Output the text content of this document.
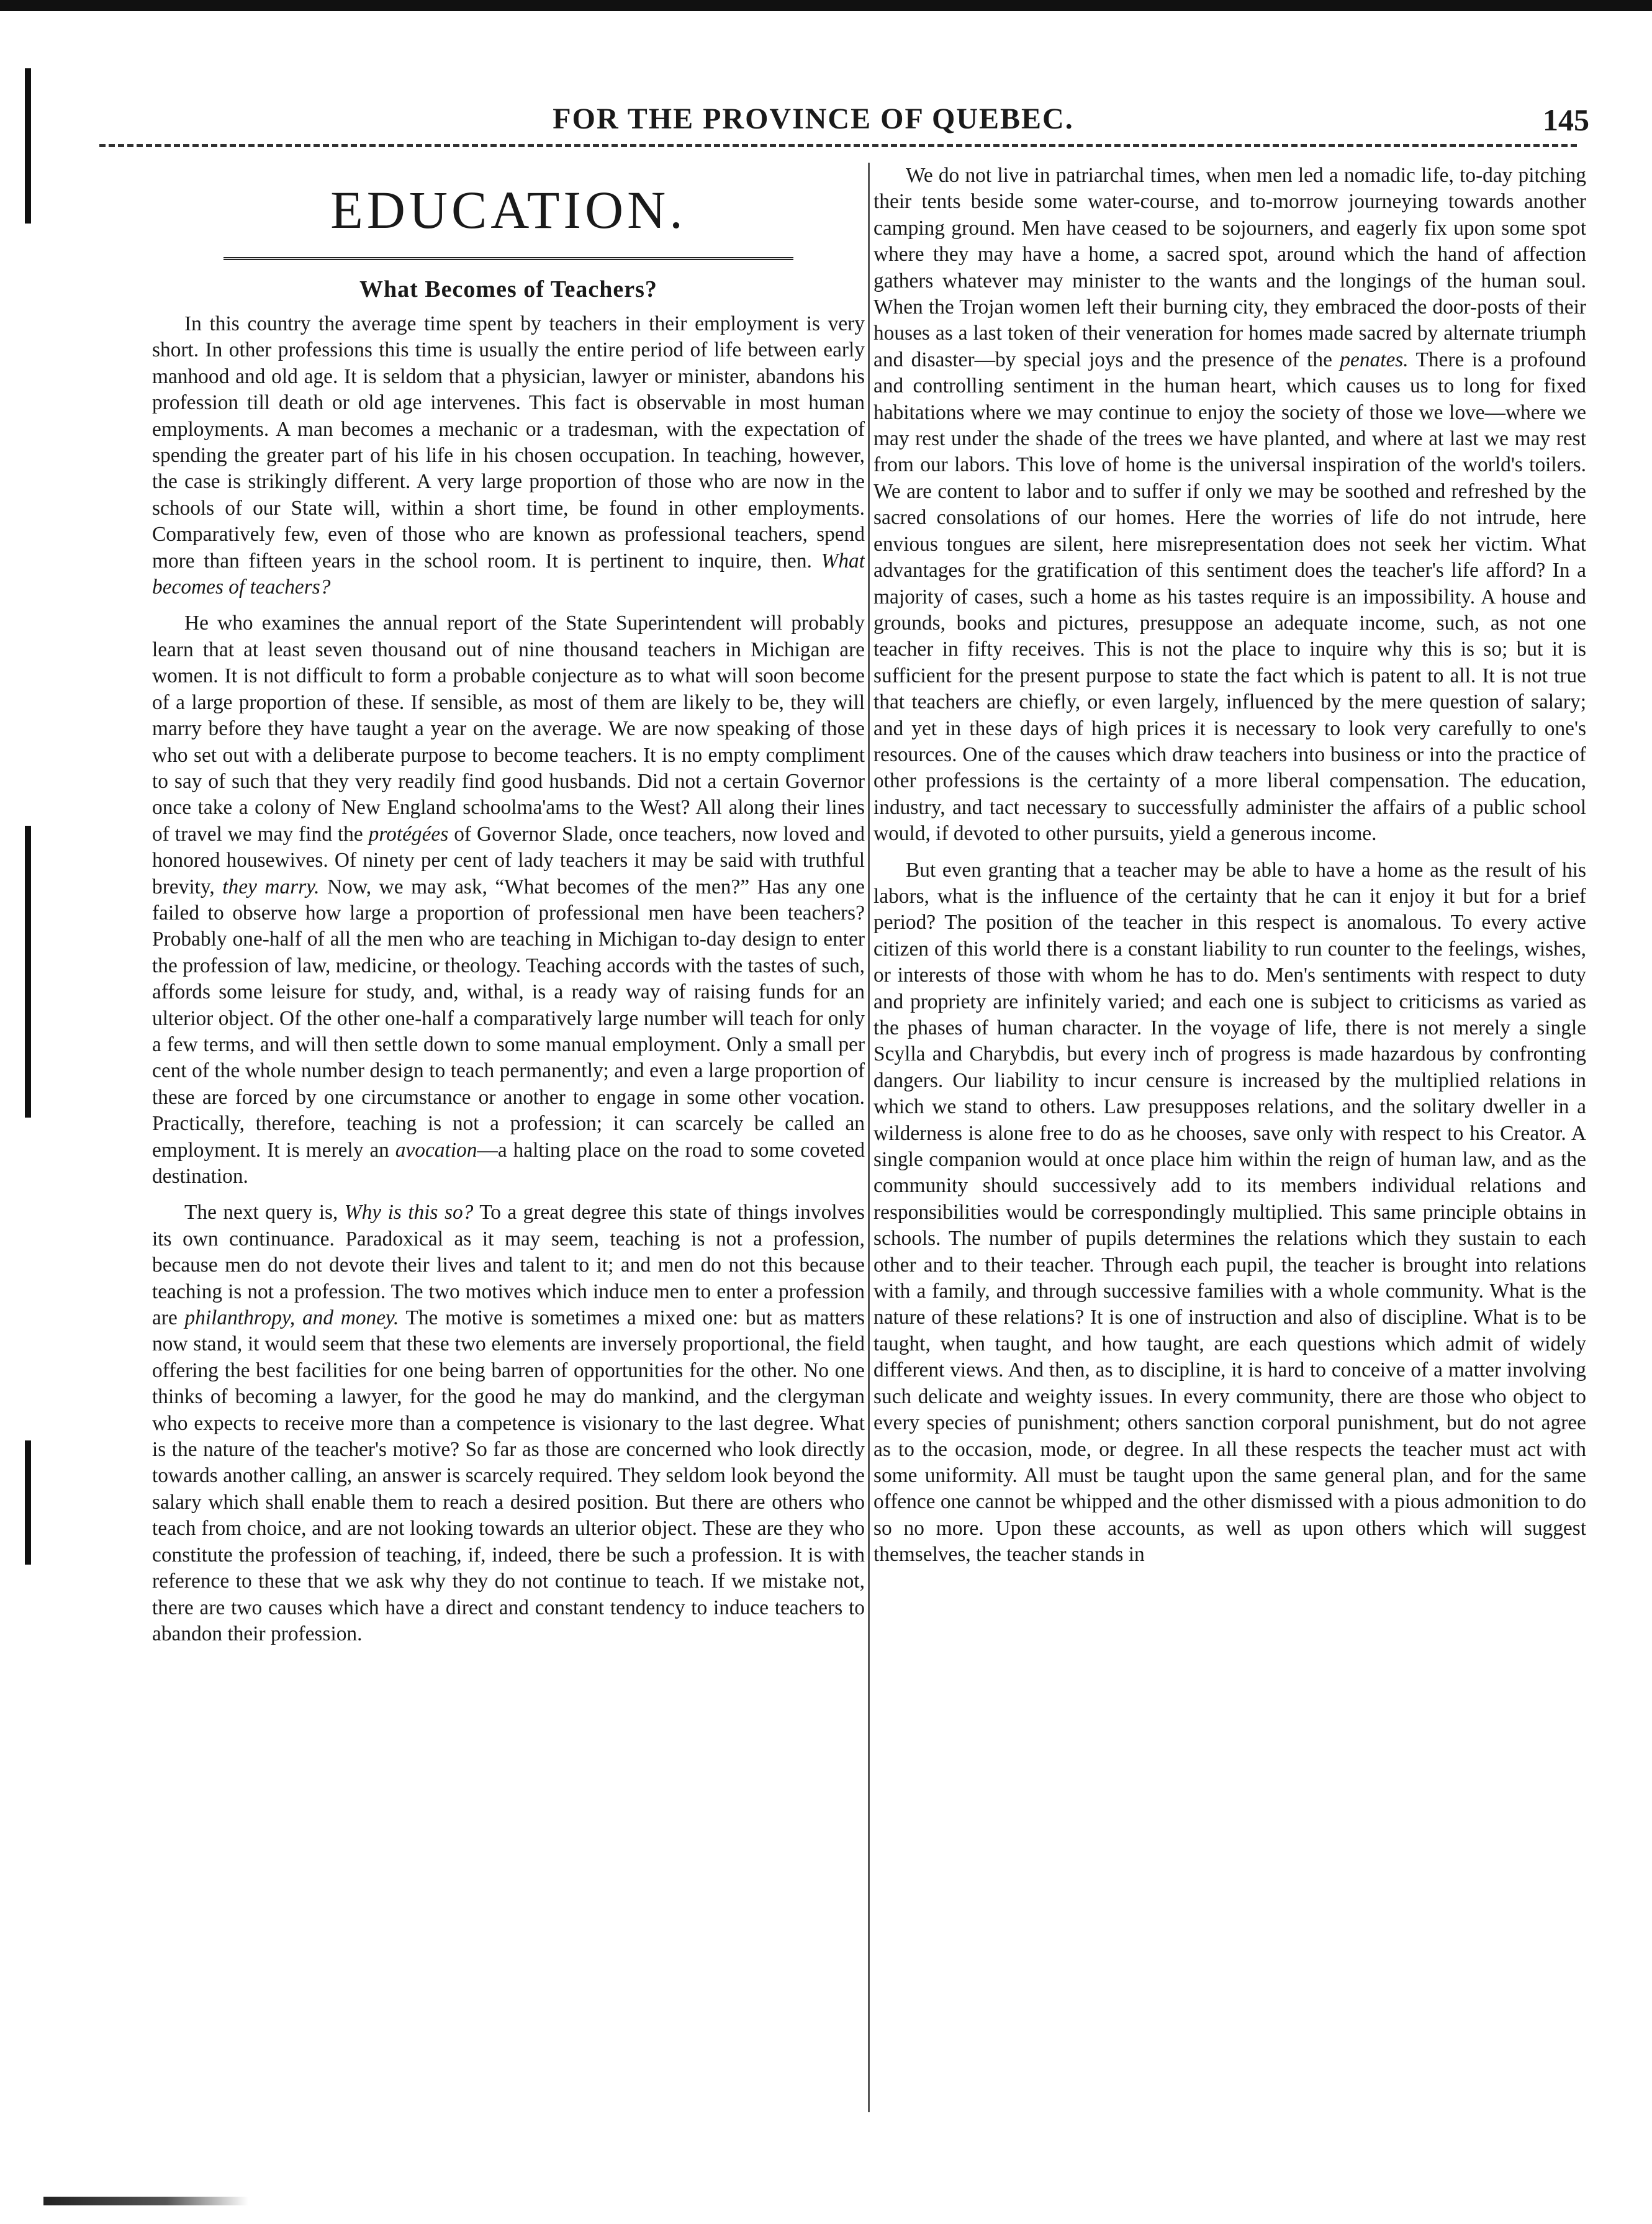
FOR THE PROVINCE OF QUEBEC.	145
EDUCATION.
What Becomes of Teachers?

In this country the average time spent by teachers in their employment is very short. In other professions this time is usually the entire period of life between early manhood and old age. It is seldom that a physician, lawyer or minister, abandons his profession till death or old age intervenes. This fact is observable in most human employments. A man becomes a mechanic or a tradesman, with the expectation of spending the greater part of his life in his chosen occupation. In teaching, however, the case is strikingly different. A very large proportion of those who are now in the schools of our State will, within a short time, be found in other employments. Comparatively few, even of those who are known as professional teachers, spend more than fifteen years in the school room. It is pertinent to inquire, then. What becomes of teachers?

He who examines the annual report of the State Superintendent will probably learn that at least seven thousand out of nine thousand teachers in Michigan are women. It is not difficult to form a probable conjecture as to what will soon become of a large proportion of these. If sensible, as most of them are likely to be, they will marry before they have taught a year on the average. We are now speaking of those who set out with a deliberate purpose to become teachers. It is no empty compliment to say of such that they very readily find good husbands. Did not a certain Governor once take a colony of New England schoolma'ams to the West? All along their lines of travel we may find the protégées of Governor Slade, once teachers, now loved and honored housewives. Of ninety per cent of lady teachers it may be said with truthful brevity, they marry. Now, we may ask, “What becomes of the men?” Has any one failed to observe how large a proportion of professional men have been teachers? Probably one-half of all the men who are teaching in Michigan to-day design to enter the profession of law, medicine, or theology. Teaching accords with the tastes of such, affords some leisure for study, and, withal, is a ready way of raising funds for an ulterior object. Of the other one-half a comparatively large number will teach for only a few terms, and will then settle down to some manual employment. Only a small per cent of the whole number design to teach permanently; and even a large proportion of these are forced by one circumstance or another to engage in some other vocation. Practically, therefore, teaching is not a profession; it can scarcely be called an employment. It is merely an avocation—a halting place on the road to some coveted destination.

The next query is, Why is this so? To a great degree this state of things involves its own continuance. Paradoxical as it may seem, teaching is not a profession, because men do not devote their lives and talent to it; and men do not this because teaching is not a profession. The two motives which induce men to enter a profession are philanthropy, and money. The motive is sometimes a mixed one: but as matters now stand, it would seem that these two elements are inversely proportional, the field offering the best facilities for one being barren of opportunities for the other. No one thinks of becoming a lawyer, for the good he may do mankind, and the clergyman who expects to receive more than a competence is visionary to the last degree. What is the nature of the teacher's motive? So far as those are concerned who look directly towards another calling, an answer is scarcely required. They seldom look beyond the salary which shall enable them to reach a desired position. But there are others who teach from choice, and are not looking towards an ulterior object. These are they who constitute the profession of teaching, if, indeed, there be such a profession. It is with reference to these that we ask why they do not continue to teach. If we mistake not, there are two causes which have a direct and constant tendency to induce teachers to abandon their profession.

We do not live in patriarchal times, when men led a nomadic life, to-day pitching their tents beside some water-course, and to-morrow journeying towards another camping ground. Men have ceased to be sojourners, and eagerly fix upon some spot where they may have a home, a sacred spot, around which the hand of affection gathers whatever may minister to the wants and the longings of the human soul. When the Trojan women left their burning city, they embraced the door-posts of their houses as a last token of their veneration for homes made sacred by alternate triumph and disaster—by special joys and the presence of the penates. There is a profound and controlling sentiment in the human heart, which causes us to long for fixed habitations where we may continue to enjoy the society of those we love—where we may rest under the shade of the trees we have planted, and where at last we may rest from our labors. This love of home is the universal inspiration of the world's toilers. We are content to labor and to suffer if only we may be soothed and refreshed by the sacred consolations of our homes. Here the worries of life do not intrude, here envious tongues are silent, here misrepresentation does not seek her victim. What advantages for the gratification of this sentiment does the teacher's life afford? In a majority of cases, such a home as his tastes require is an impossibility. A house and grounds, books and pictures, presuppose an adequate income, such, as not one teacher in fifty receives. This is not the place to inquire why this is so; but it is sufficient for the present purpose to state the fact which is patent to all. It is not true that teachers are chiefly, or even largely, influenced by the mere question of salary; and yet in these days of high prices it is necessary to look very carefully to one's resources. One of the causes which draw teachers into business or into the practice of other professions is the certainty of a more liberal compensation. The education, industry, and tact necessary to successfully administer the affairs of a public school would, if devoted to other pursuits, yield a generous income.

But even granting that a teacher may be able to have a home as the result of his labors, what is the influence of the certainty that he can it enjoy it but for a brief period? The position of the teacher in this respect is anomalous. To every active citizen of this world there is a constant liability to run counter to the feelings, wishes, or interests of those with whom he has to do. Men's sentiments with respect to duty and propriety are infinitely varied; and each one is subject to criticisms as varied as the phases of human character. In the voyage of life, there is not merely a single Scylla and Charybdis, but every inch of progress is made hazardous by confronting dangers. Our liability to incur censure is increased by the multiplied relations in which we stand to others. Law presupposes relations, and the solitary dweller in a wilderness is alone free to do as he chooses, save only with respect to his Creator. A single companion would at once place him within the reign of human law, and as the community should successively add to its members individual relations and responsibilities would be correspondingly multiplied. This same principle obtains in schools. The number of pupils determines the relations which they sustain to each other and to their teacher. Through each pupil, the teacher is brought into relations with a family, and through successive families with a whole community. What is the nature of these relations? It is one of instruction and also of discipline. What is to be taught, when taught, and how taught, are each questions which admit of widely different views. And then, as to discipline, it is hard to conceive of a matter involving such delicate and weighty issues. In every community, there are those who object to every species of punishment; others sanction corporal punishment, but do not agree as to the occasion, mode, or degree. In all these respects the teacher must act with some uniformity. All must be taught upon the same general plan, and for the same offence one cannot be whipped and the other dismissed with a pious admonition to do so no more. Upon these accounts, as well as upon others which will suggest themselves, the teacher stands in
